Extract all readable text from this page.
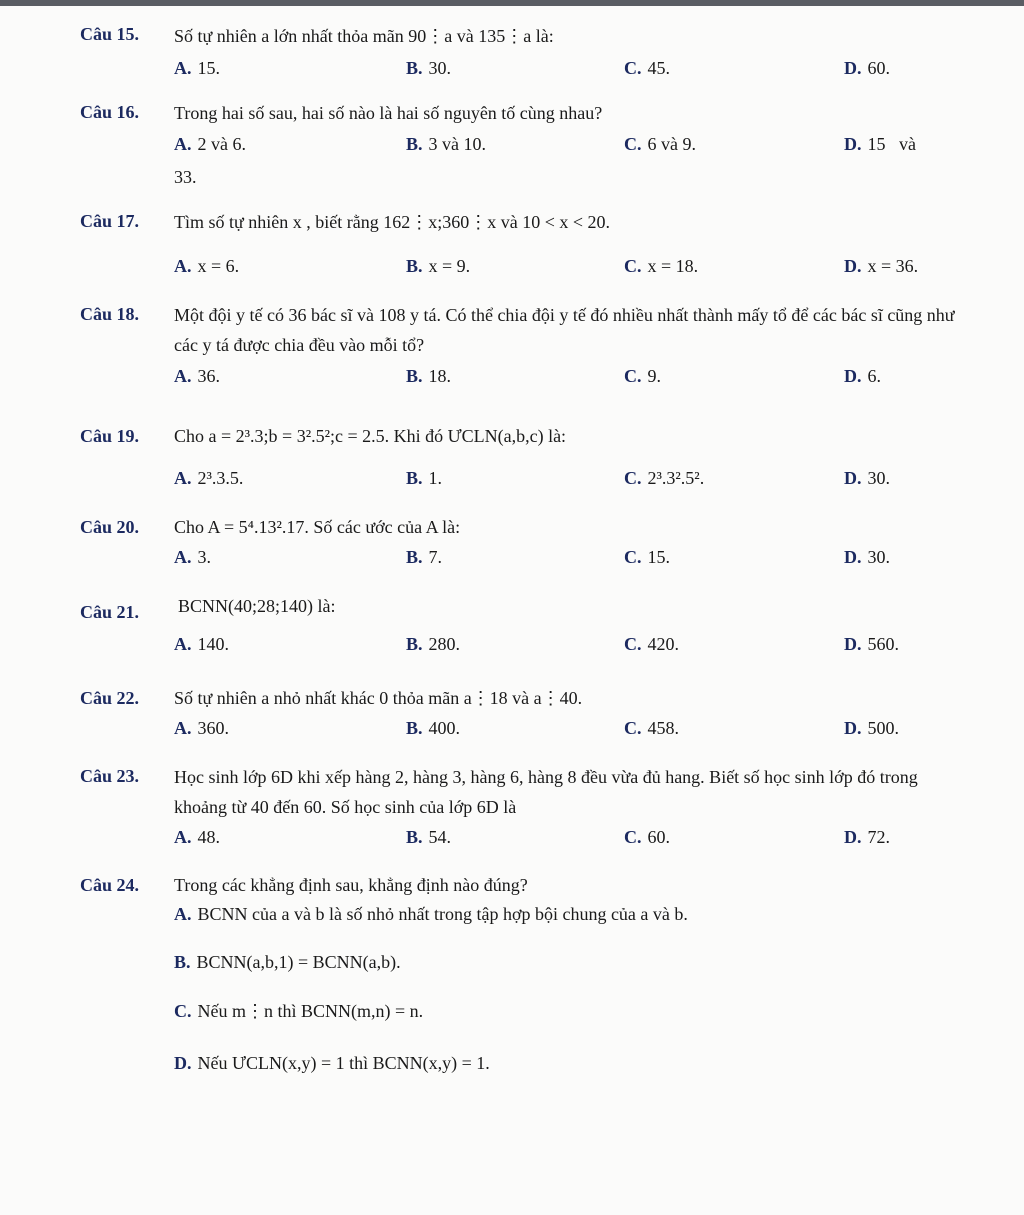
Câu 15. Số tự nhiên a lớn nhất thỏa mãn 90⋮a và 135⋮a là:
A. 15.	B. 30.	C. 45.	D. 60.
Câu 16. Trong hai số sau, hai số nào là hai số nguyên tố cùng nhau?
A. 2 và 6.	B. 3 và 10.	C. 6 và 9.	D. 15   và
33.
Câu 17. Tìm số tự nhiên x , biết rằng 162⋮x;360⋮x và 10 < x < 20.
A. x = 6.	B. x = 9.	C. x = 18.	D. x = 36.
Câu 18. Một đội y tế có 36 bác sĩ và 108 y tá. Có thể chia đội y tế đó nhiều nhất thành mấy tổ để các bác sĩ cũng như các y tá được chia đều vào mỗi tổ?
A. 36.	B. 18.	C. 9.	D. 6.
Câu 19. Cho a = 2³.3;b = 3².5²;c = 2.5. Khi đó ƯCLN(a,b,c) là:
A. 2³.3.5.	B. 1.	C. 2³.3².5².	D. 30.
Câu 20. Cho A = 5⁴.13².17. Số các ước của A là:
A. 3.	B. 7.	C. 15.	D. 30.
Câu 21. BCNN(40;28;140) là:
A. 140.	B. 280.	C. 420.	D. 560.
Câu 22. Số tự nhiên a nhỏ nhất khác 0 thỏa mãn a⋮18 và a⋮40.
A. 360.	B. 400.	C. 458.	D. 500.
Câu 23. Học sinh lớp 6D khi xếp hàng 2, hàng 3, hàng 6, hàng 8 đều vừa đủ hang. Biết số học sinh lớp đó trong khoảng từ 40 đến 60. Số học sinh của lớp 6D là
A. 48.	B. 54.	C. 60.	D. 72.
Câu 24. Trong các khẳng định sau, khẳng định nào đúng?
A. BCNN của a và b là số nhỏ nhất trong tập hợp bội chung của a và b.
B. BCNN(a,b,1) = BCNN(a,b).
C. Nếu m⋮n thì BCNN(m,n) = n.
D. Nếu ƯCLN(x,y) = 1 thì BCNN(x,y) = 1.
